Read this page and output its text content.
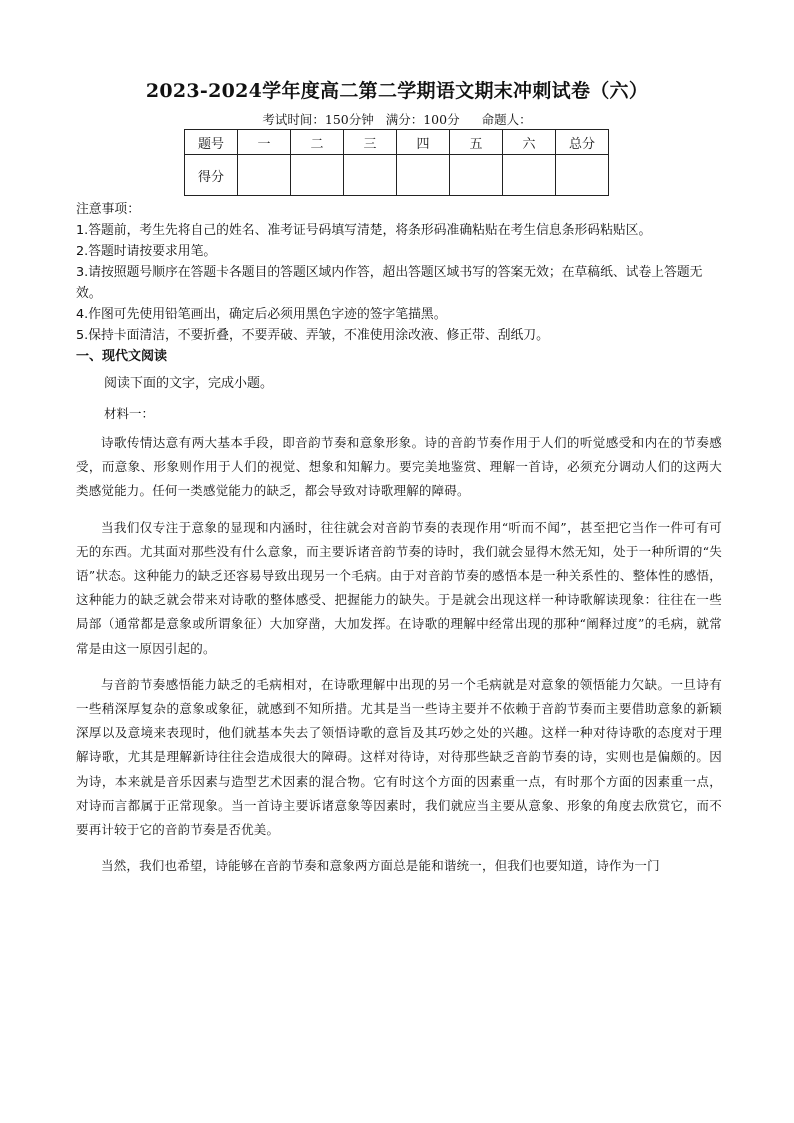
2023-2024学年度高二第二学期语文期末冲刺试卷（六）
考试时间：150分钟 满分：100分 命题人：
题号	一	二	三	四	五	六	总分
得分							

注意事项：

1.答题前，考生先将自己的姓名、准考证号码填写清楚，将条形码准确粘贴在考生信息条形码粘贴区。

2.答题时请按要求用笔。

3.请按照题号顺序在答题卡各题目的答题区域内作答，超出答题区域书写的答案无效；在草稿纸、试卷上答题无效。

4.作图可先使用铅笔画出，确定后必须用黑色字迹的签字笔描黑。

5.保持卡面清洁，不要折叠，不要弄破、弄皱，不准使用涂改液、修正带、刮纸刀。

一、现代文阅读
阅读下面的文字，完成小题。
材料一：

诗歌传情达意有两大基本手段，即音韵节奏和意象形象。诗的音韵节奏作用于人们的听觉感受和内在的节奏感受，而意象、形象则作用于人们的视觉、想象和知解力。要完美地鉴赏、理解一首诗，必须充分调动人们的这两大类感觉能力。任何一类感觉能力的缺乏，都会导致对诗歌理解的障碍。

当我们仅专注于意象的显现和内涵时，往往就会对音韵节奏的表现作用“听而不闻”，甚至把它当作一件可有可无的东西。尤其面对那些没有什么意象，而主要诉诸音韵节奏的诗时，我们就会显得木然无知，处于一种所谓的“失语”状态。这种能力的缺乏还容易导致出现另一个毛病。由于对音韵节奏的感悟本是一种关系性的、整体性的感悟，这种能力的缺乏就会带来对诗歌的整体感受、把握能力的缺失。于是就会出现这样一种诗歌解读现象：往往在一些局部（通常都是意象或所谓象征）大加穿凿，大加发挥。在诗歌的理解中经常出现的那种“阐释过度”的毛病，就常常是由这一原因引起的。

与音韵节奏感悟能力缺乏的毛病相对，在诗歌理解中出现的另一个毛病就是对意象的领悟能力欠缺。一旦诗有一些稍深厚复杂的意象或象征，就感到不知所措。尤其是当一些诗主要并不依赖于音韵节奏而主要借助意象的新颖深厚以及意境来表现时，他们就基本失去了领悟诗歌的意旨及其巧妙之处的兴趣。这样一种对待诗歌的态度对于理解诗歌，尤其是理解新诗往往会造成很大的障碍。这样对待诗，对待那些缺乏音韵节奏的诗，实则也是偏颇的。因为诗，本来就是音乐因素与造型艺术因素的混合物。它有时这个方面的因素重一点，有时那个方面的因素重一点，对诗而言都属于正常现象。当一首诗主要诉诸意象等因素时，我们就应当主要从意象、形象的角度去欣赏它，而不要再计较于它的音韵节奏是否优美。

当然，我们也希望，诗能够在音韵节奏和意象两方面总是能和谐统一，但我们也要知道，诗作为一门
